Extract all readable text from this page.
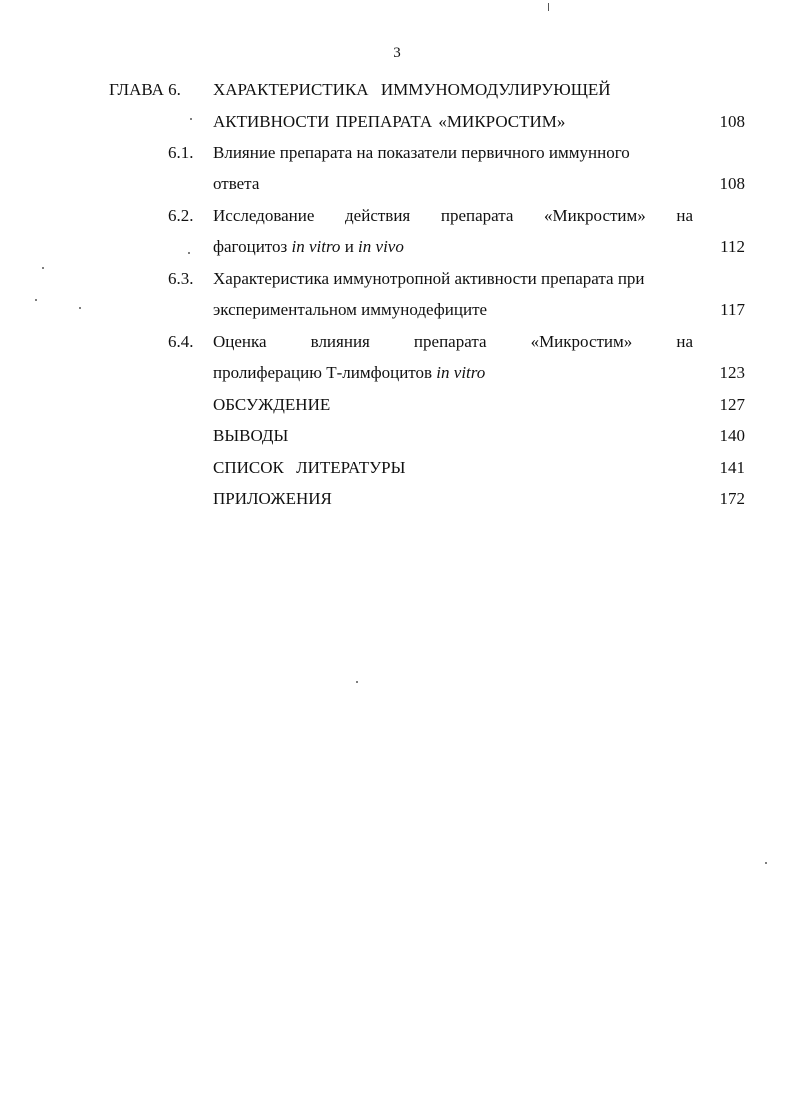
3
ГЛАВА 6. ХАРАКТЕРИСТИКА ИММУНОМОДУЛИРУЮЩЕЙ
АКТИВНОСТИ ПРЕПАРАТА «МИКРОСТИМ»	108
6.1. Влияние препарата на показатели первичного иммунного
ответа	108
6.2. Исследование действия препарата «Микростим» на
фагоцитоз in vitro и in vivo	112
6.3. Характеристика иммунотропной активности препарата при
экспериментальном иммунодефиците	117
6.4. Оценка	влияния	препарата	«Микростим»	на
пролиферацию Т-лимфоцитов in vitro	123
ОБСУЖДЕНИЕ	127
ВЫВОДЫ	140
СПИСОК ЛИТЕРАТУРЫ	141
ПРИЛОЖЕНИЯ	172
